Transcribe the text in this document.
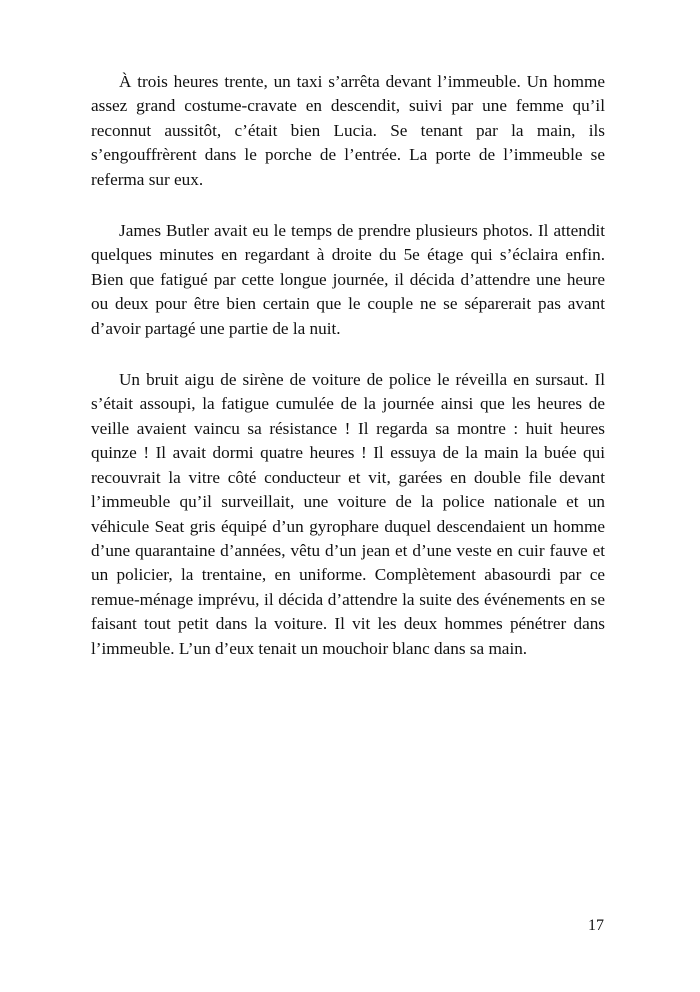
À trois heures trente, un taxi s’arrêta devant l’immeuble. Un homme assez grand costume-cravate en descendit, suivi par une femme qu’il reconnut aussitôt, c’était bien Lucia. Se tenant par la main, ils s’engouffrèrent dans le porche de l’entrée. La porte de l’immeuble se referma sur eux.

James Butler avait eu le temps de prendre plusieurs photos. Il attendit quelques minutes en regardant à droite du 5e étage qui s’éclaira enfin. Bien que fatigué par cette longue journée, il décida d’attendre une heure ou deux pour être bien certain que le couple ne se séparerait pas avant d’avoir partagé une partie de la nuit.

Un bruit aigu de sirène de voiture de police le réveilla en sursaut. Il s’était assoupi, la fatigue cumulée de la journée ainsi que les heures de veille avaient vaincu sa résistance ! Il regarda sa montre : huit heures quinze ! Il avait dormi quatre heures ! Il essuya de la main la buée qui recouvrait la vitre côté conducteur et vit, garées en double file devant l’immeuble qu’il surveillait, une voiture de la police nationale et un véhicule Seat gris équipé d’un gyrophare duquel descendaient un homme d’une quarantaine d’années, vêtu d’un jean et d’une veste en cuir fauve et un policier, la trentaine, en uniforme. Complètement abasourdi par ce remue-ménage imprévu, il décida d’attendre la suite des événements en se faisant tout petit dans la voiture. Il vit les deux hommes pénétrer dans l’immeuble. L’un d’eux tenait un mouchoir blanc dans sa main.

17
